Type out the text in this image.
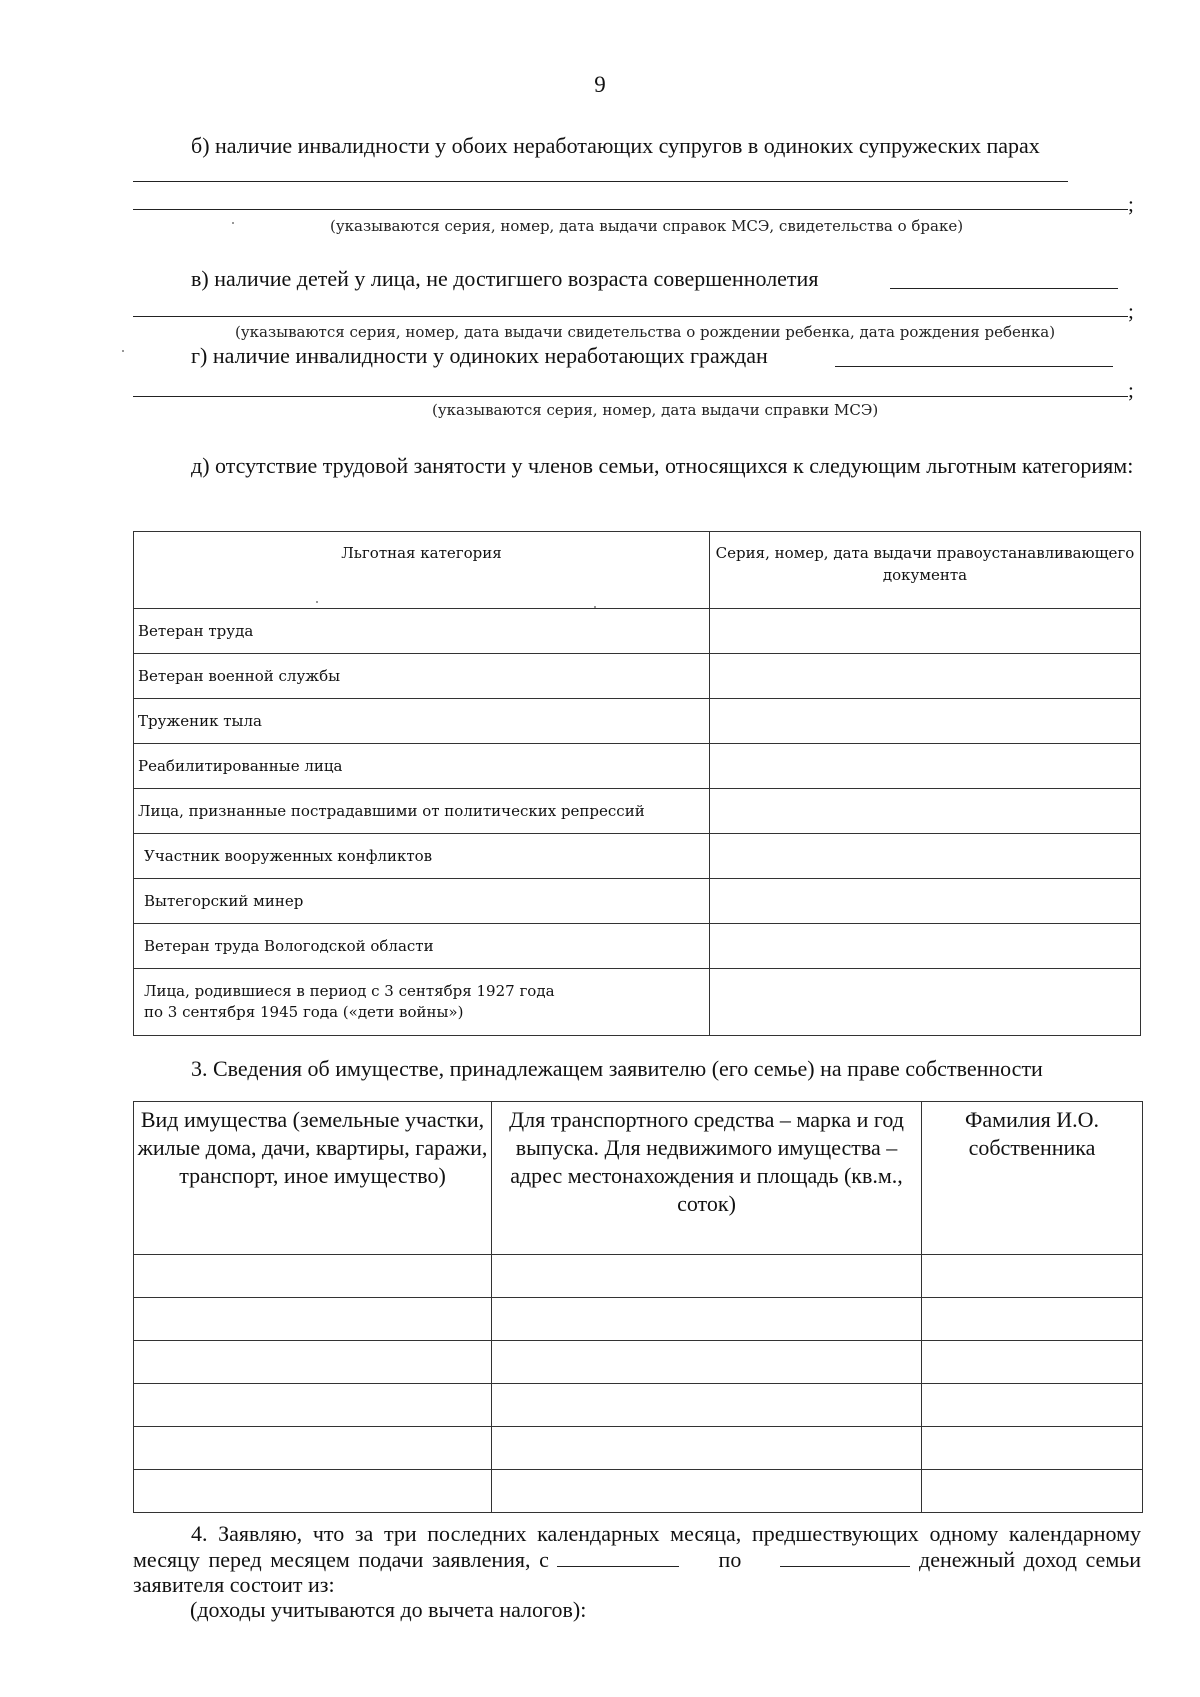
9
б) наличие инвалидности у обоих неработающих супругов в одиноких супружеских парах
;
(указываются серия, номер, дата выдачи справок МСЭ, свидетельства о браке)
в) наличие детей у лица, не достигшего возраста совершеннолетия
;
(указываются серия, номер, дата выдачи свидетельства о рождении ребенка, дата рождения ребенка)
г) наличие инвалидности у одиноких неработающих граждан
;
(указываются серия, номер, дата выдачи справки МСЭ)
д) отсутствие трудовой занятости у членов семьи, относящихся к следующим льготным категориям:
Льготная категория	Серия, номер, дата выдачи правоустанавливающего документа
Ветеран труда	
Ветеран военной службы	
Труженик тыла	
Реабилитированные лица	
Лица, признанные пострадавшими от политических репрессий	
Участник вооруженных конфликтов	
Вытегорский минер	
Ветеран труда Вологодской области	
Лица, родившиеся в период с 3 сентября 1927 года по 3 сентября 1945 года («дети войны»)	
3. Сведения об имуществе, принадлежащем заявителю (его семье) на праве собственности
Вид имущества (земельные участки, жилые дома, дачи, квартиры, гаражи, транспорт, иное имущество)	Для транспортного средства – марка и год выпуска. Для недвижимого имущества – адрес местонахождения и площадь (кв.м., соток)	Фамилия И.О. собственника

4. Заявляю, что за три последних календарных месяца, предшествующих одному календарному месяцу перед месяцем подачи заявления, с	по	денежный доход семьи заявителя состоит из:
(доходы учитываются до вычета налогов):
